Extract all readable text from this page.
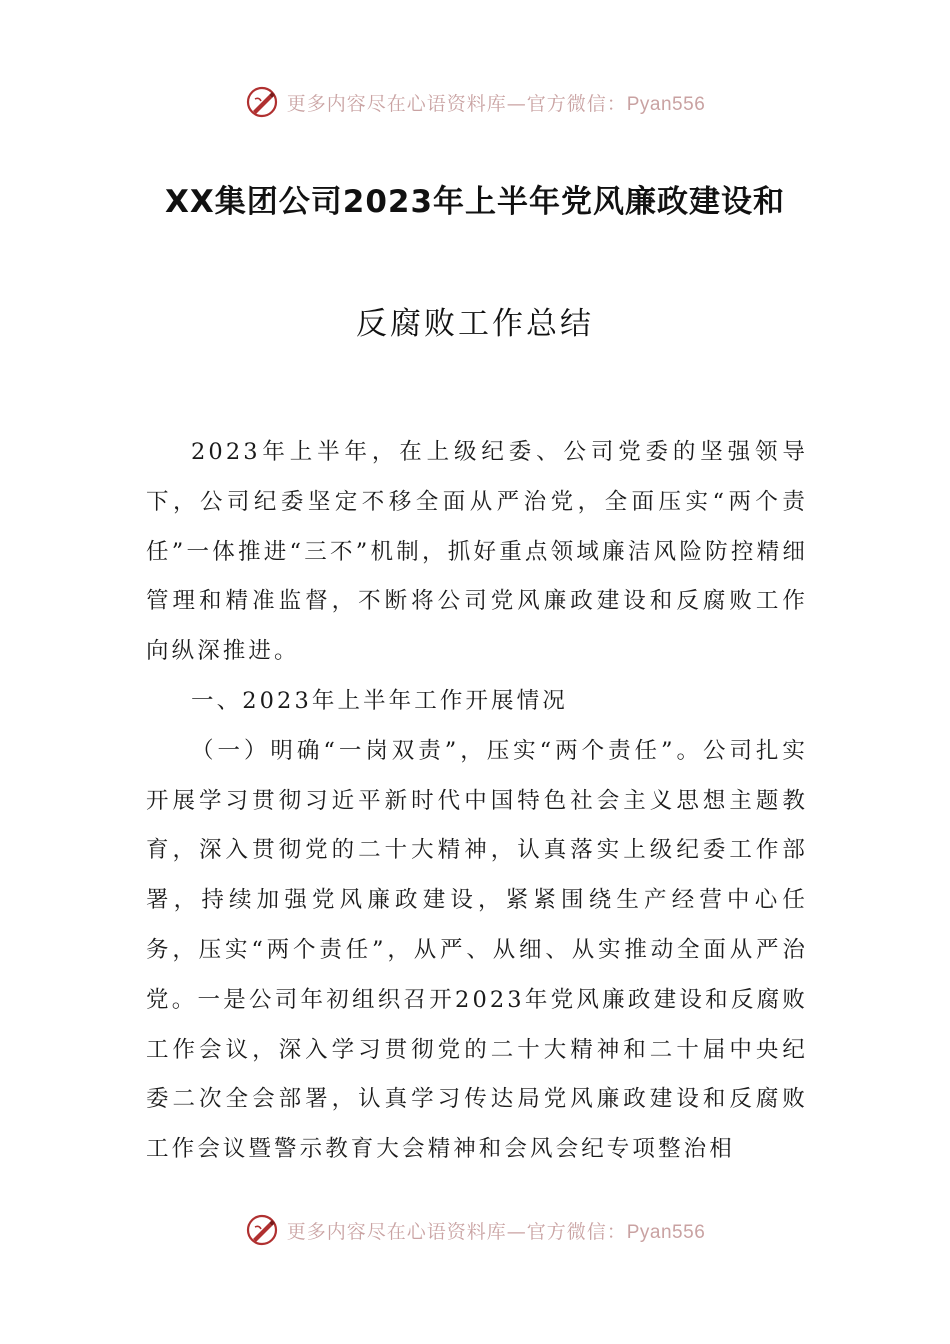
更多内容尽在心语资料库—官方微信：Pyan556
XX集团公司2023年上半年党风廉政建设和
反腐败工作总结

2023年上半年，在上级纪委、公司党委的坚强领导下，公司纪委坚定不移全面从严治党，全面压实“两个责任”一体推进“三不”机制，抓好重点领域廉洁风险防控精细管理和精准监督，不断将公司党风廉政建设和反腐败工作向纵深推进。

一、2023年上半年工作开展情况

（一）明确“一岗双责”，压实“两个责任”。公司扎实开展学习贯彻习近平新时代中国特色社会主义思想主题教育，深入贯彻党的二十大精神，认真落实上级纪委工作部署，持续加强党风廉政建设，紧紧围绕生产经营中心任务，压实“两个责任”，从严、从细、从实推动全面从严治党。一是公司年初组织召开2023年党风廉政建设和反腐败工作会议，深入学习贯彻党的二十大精神和二十届中央纪委二次全会部署，认真学习传达局党风廉政建设和反腐败工作会议暨警示教育大会精神和会风会纪专项整治相

更多内容尽在心语资料库—官方微信：Pyan556
